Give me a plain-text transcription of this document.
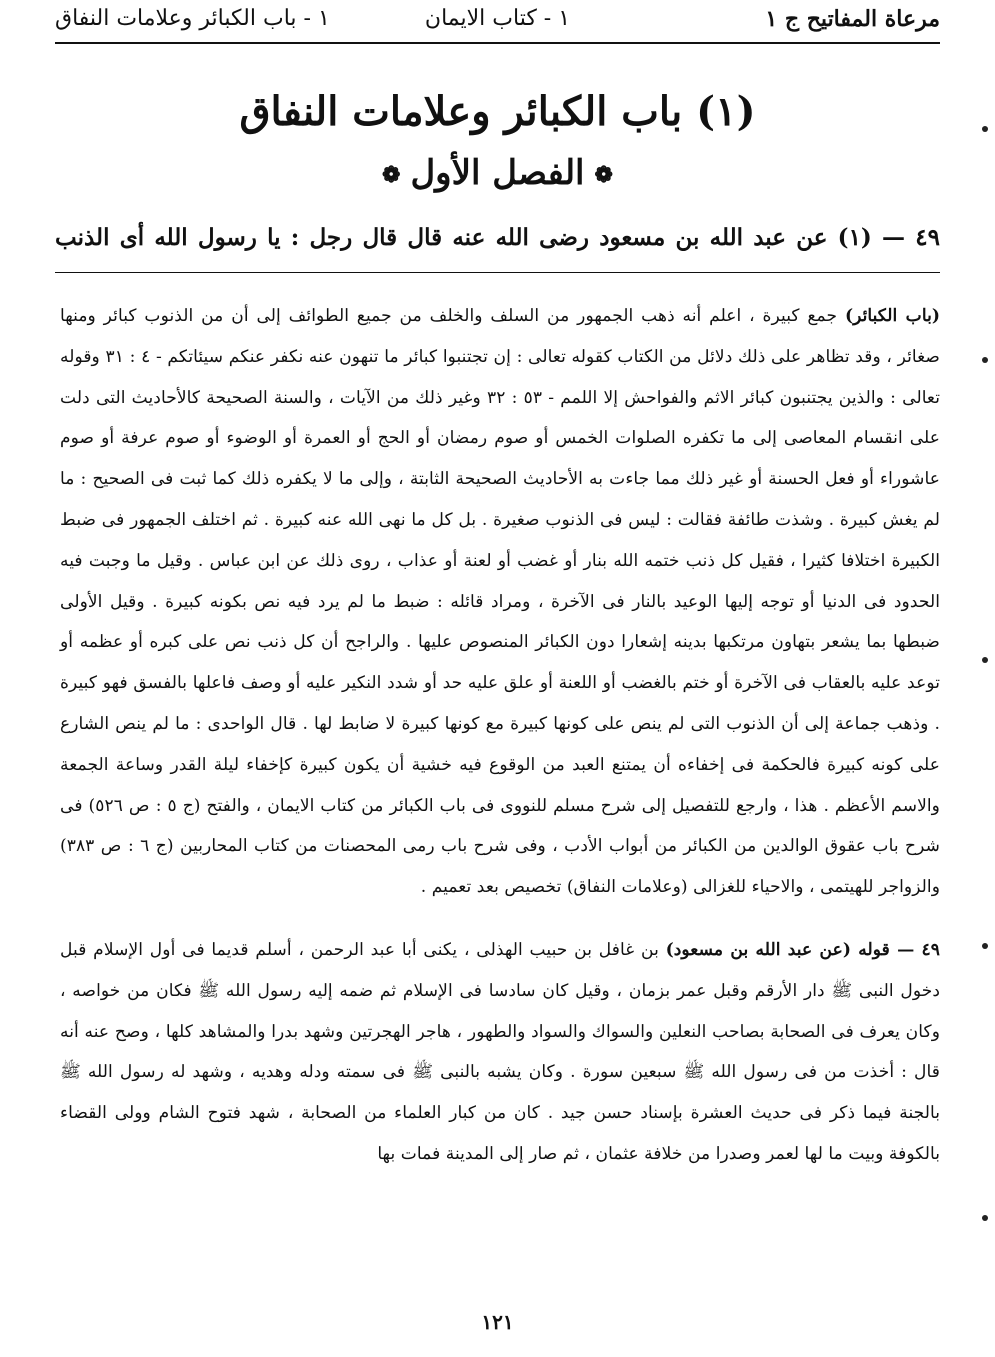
مرعاة المفاتيح ج ١
١ - كتاب الايمان
١ - باب الكبائر وعلامات النفاق
(١) باب الكبائر وعلامات النفاق
❁الفصل الأول❁
٤٩ — (١) عن عبد الله بن مسعود رضى الله عنه قال قال رجل : يا رسول الله أى الذنب

(باب الكبائر) جمع كبيرة ، اعلم أنه ذهب الجمهور من السلف والخلف من جميع الطوائف إلى أن من الذنوب كبائر ومنها صغائر ، وقد تظاهر على ذلك دلائل من الكتاب كقوله تعالى : إن تجتنبوا كبائر ما تنهون عنه نكفر عنكم سيئاتكم - ٤ : ٣١ وقوله تعالى : والذين يجتنبون كبائر الاثم والفواحش إلا اللمم - ٥٣ : ٣٢ وغير ذلك من الآيات ، والسنة الصحيحة كالأحاديث التى دلت على انقسام المعاصى إلى ما تكفره الصلوات الخمس أو صوم رمضان أو الحج أو العمرة أو الوضوء أو صوم عرفة أو صوم عاشوراء أو فعل الحسنة أو غير ذلك مما جاءت به الأحاديث الصحيحة الثابتة ، وإلى ما لا يكفره ذلك كما ثبت فى الصحيح : ما لم يغش كبيرة . وشذت طائفة فقالت : ليس فى الذنوب صغيرة . بل كل ما نهى الله عنه كبيرة . ثم اختلف الجمهور فى ضبط الكبيرة اختلافا كثيرا ، فقيل كل ذنب ختمه الله بنار أو غضب أو لعنة أو عذاب ، روى ذلك عن ابن عباس . وقيل ما وجبت فيه الحدود فى الدنيا أو توجه إليها الوعيد بالنار فى الآخرة ، ومراد قائله : ضبط ما لم يرد فيه نص بكونه كبيرة . وقيل الأولى ضبطها بما يشعر بتهاون مرتكبها بدينه إشعارا دون الكبائر المنصوص عليها . والراجح أن كل ذنب نص على كبره أو عظمه أو توعد عليه بالعقاب فى الآخرة أو ختم بالغضب أو اللعنة أو علق عليه حد أو شدد النكير عليه أو وصف فاعلها بالفسق فهو كبيرة . وذهب جماعة إلى أن الذنوب التى لم ينص على كونها كبيرة مع كونها كبيرة لا ضابط لها . قال الواحدى : ما لم ينص الشارع على كونه كبيرة فالحكمة فى إخفاءه أن يمتنع العبد من الوقوع فيه خشية أن يكون كبيرة كإخفاء ليلة القدر وساعة الجمعة والاسم الأعظم . هذا ، وارجع للتفصيل إلى شرح مسلم للنووى فى باب الكبائر من كتاب الايمان ، والفتح (ج ٥ : ص ٥٢٦) فى شرح باب عقوق الوالدين من الكبائر من أبواب الأدب ، وفى شرح باب رمى المحصنات من كتاب المحاربين (ج ٦ : ص ٣٨٣) والزواجر للهيتمى ، والاحياء للغزالى (وعلامات النفاق) تخصيص بعد تعميم .

٤٩ — قوله (عن عبد الله بن مسعود) بن غافل بن حبيب الهذلى ، يكنى أبا عبد الرحمن ، أسلم قديما فى أول الإسلام قبل دخول النبى ﷺ دار الأرقم وقبل عمر بزمان ، وقيل كان سادسا فى الإسلام ثم ضمه إليه رسول الله ﷺ فكان من خواصه ، وكان يعرف فى الصحابة بصاحب النعلين والسواك والسواد والطهور ، هاجر الهجرتين وشهد بدرا والمشاهد كلها ، وصح عنه أنه قال : أخذت من فى رسول الله ﷺ سبعين سورة . وكان يشبه بالنبى ﷺ فى سمته ودله وهديه ، وشهد له رسول الله ﷺ بالجنة فيما ذكر فى حديث العشرة بإسناد حسن جيد . كان من كبار العلماء من الصحابة ، شهد فتوح الشام وولى القضاء بالكوفة وبيت ما لها لعمر وصدرا من خلافة عثمان ، ثم صار إلى المدينة فمات بها

١٢١
